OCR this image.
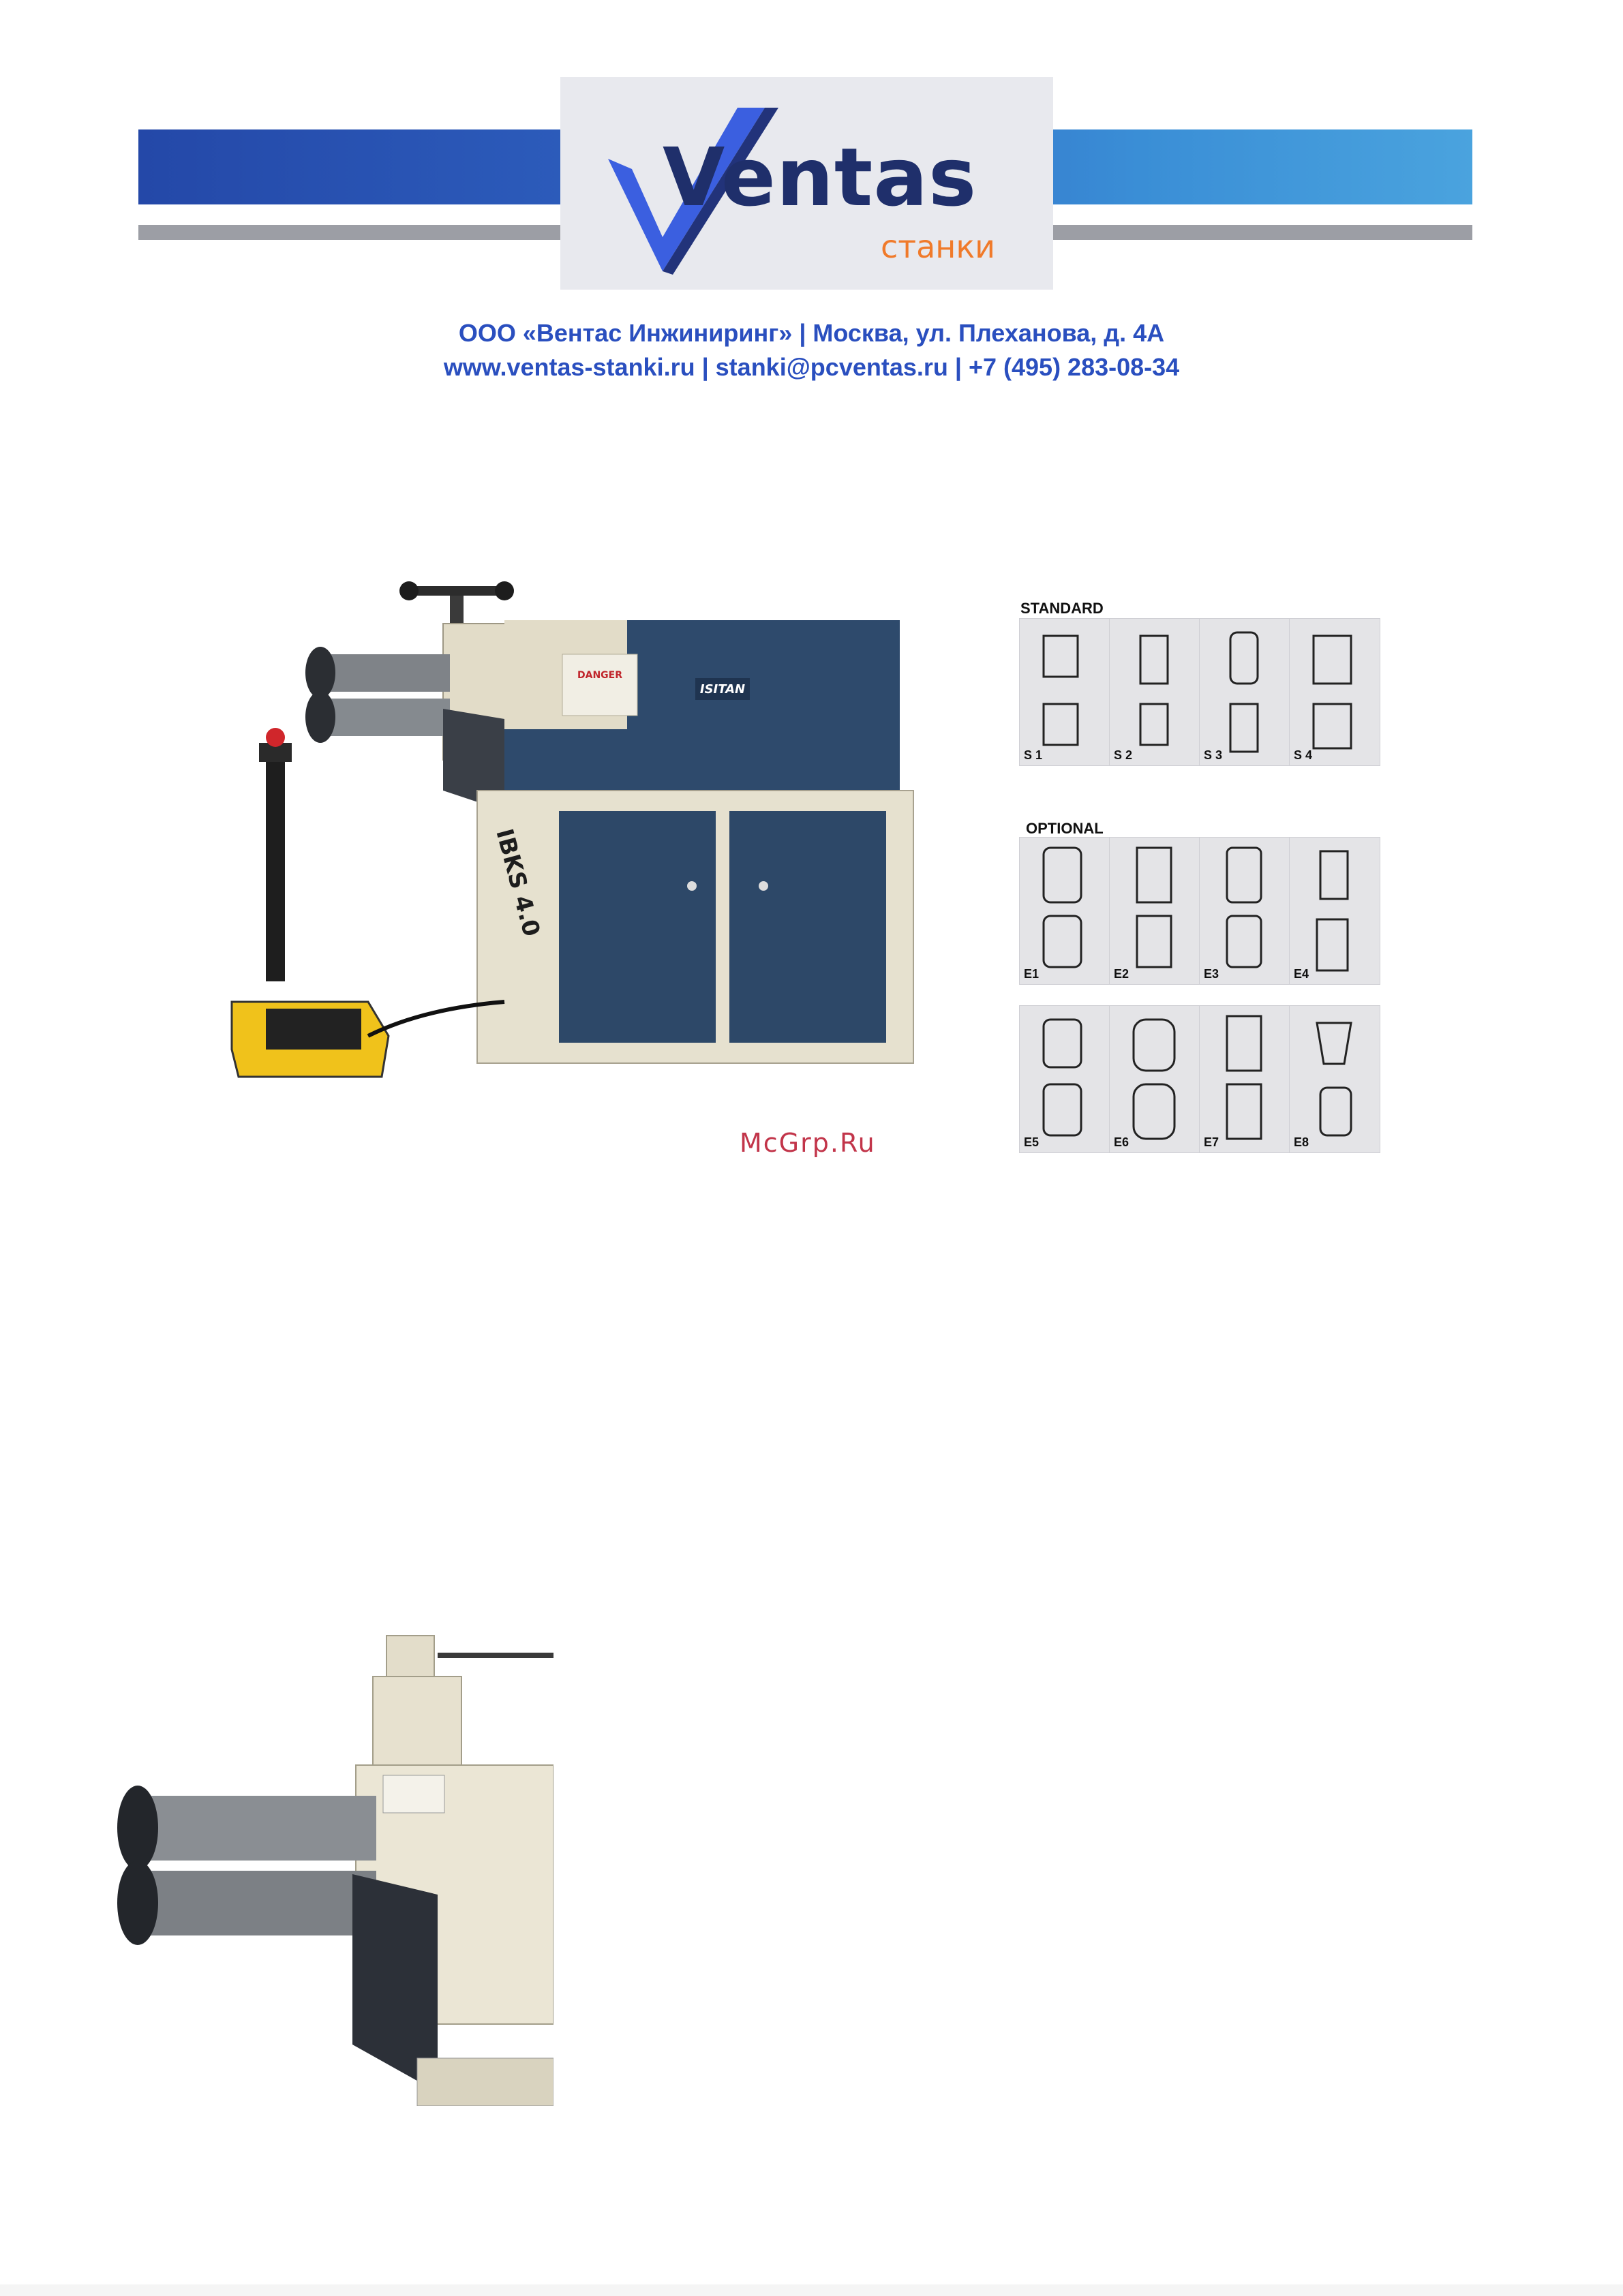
Ventas
станки
ООО «Вентас Инжиниринг» | Москва, ул. Плеханова, д. 4А
www.ventas-stanki.ru | stanki@pcventas.ru | +7 (495) 283-08-34
DANGER
ISITAN
IBKS 4.0
McGrp.Ru
STANDARD
S 1	S 2	S 3	S 4
OPTIONAL
E1	E2	E3	E4
E5	E6	E7	E8
